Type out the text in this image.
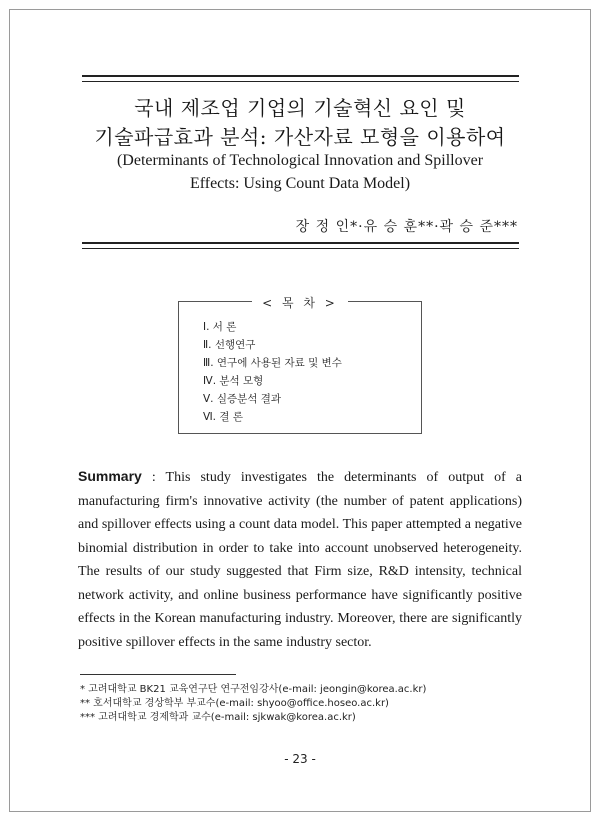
국내 제조업 기업의 기술혁신 요인 및
기술파급효과 분석: 가산자료 모형을 이용하여
(Determinants of Technological Innovation and Spillover
Effects: Using Count Data Model)
장 정 인*·유 승 훈**·곽 승 준***
< 목 차 >
Ⅰ. 서 론
Ⅱ. 선행연구
Ⅲ. 연구에 사용된 자료 및 변수
Ⅳ. 분석 모형
Ⅴ. 실증분석 결과
Ⅵ. 결 론
Summary : This study investigates the determinants of output of a manufacturing firm's innovative activity (the number of patent applications) and spillover effects using a count data model. This paper attempted a negative binomial distribution in order to take into account unobserved heterogeneity. The results of our study suggested that Firm size, R&D intensity, technical network activity, and online business performance have significantly positive effects in the Korean manufacturing industry. Moreover, there are significantly positive spillover effects in the same industry sector.
* 고려대학교 BK21 교육연구단 연구전임강사(e-mail: jeongin@korea.ac.kr)
** 호서대학교 경상학부 부교수(e-mail: shyoo@office.hoseo.ac.kr)
*** 고려대학교 경제학과 교수(e-mail: sjkwak@korea.ac.kr)
- 23 -
